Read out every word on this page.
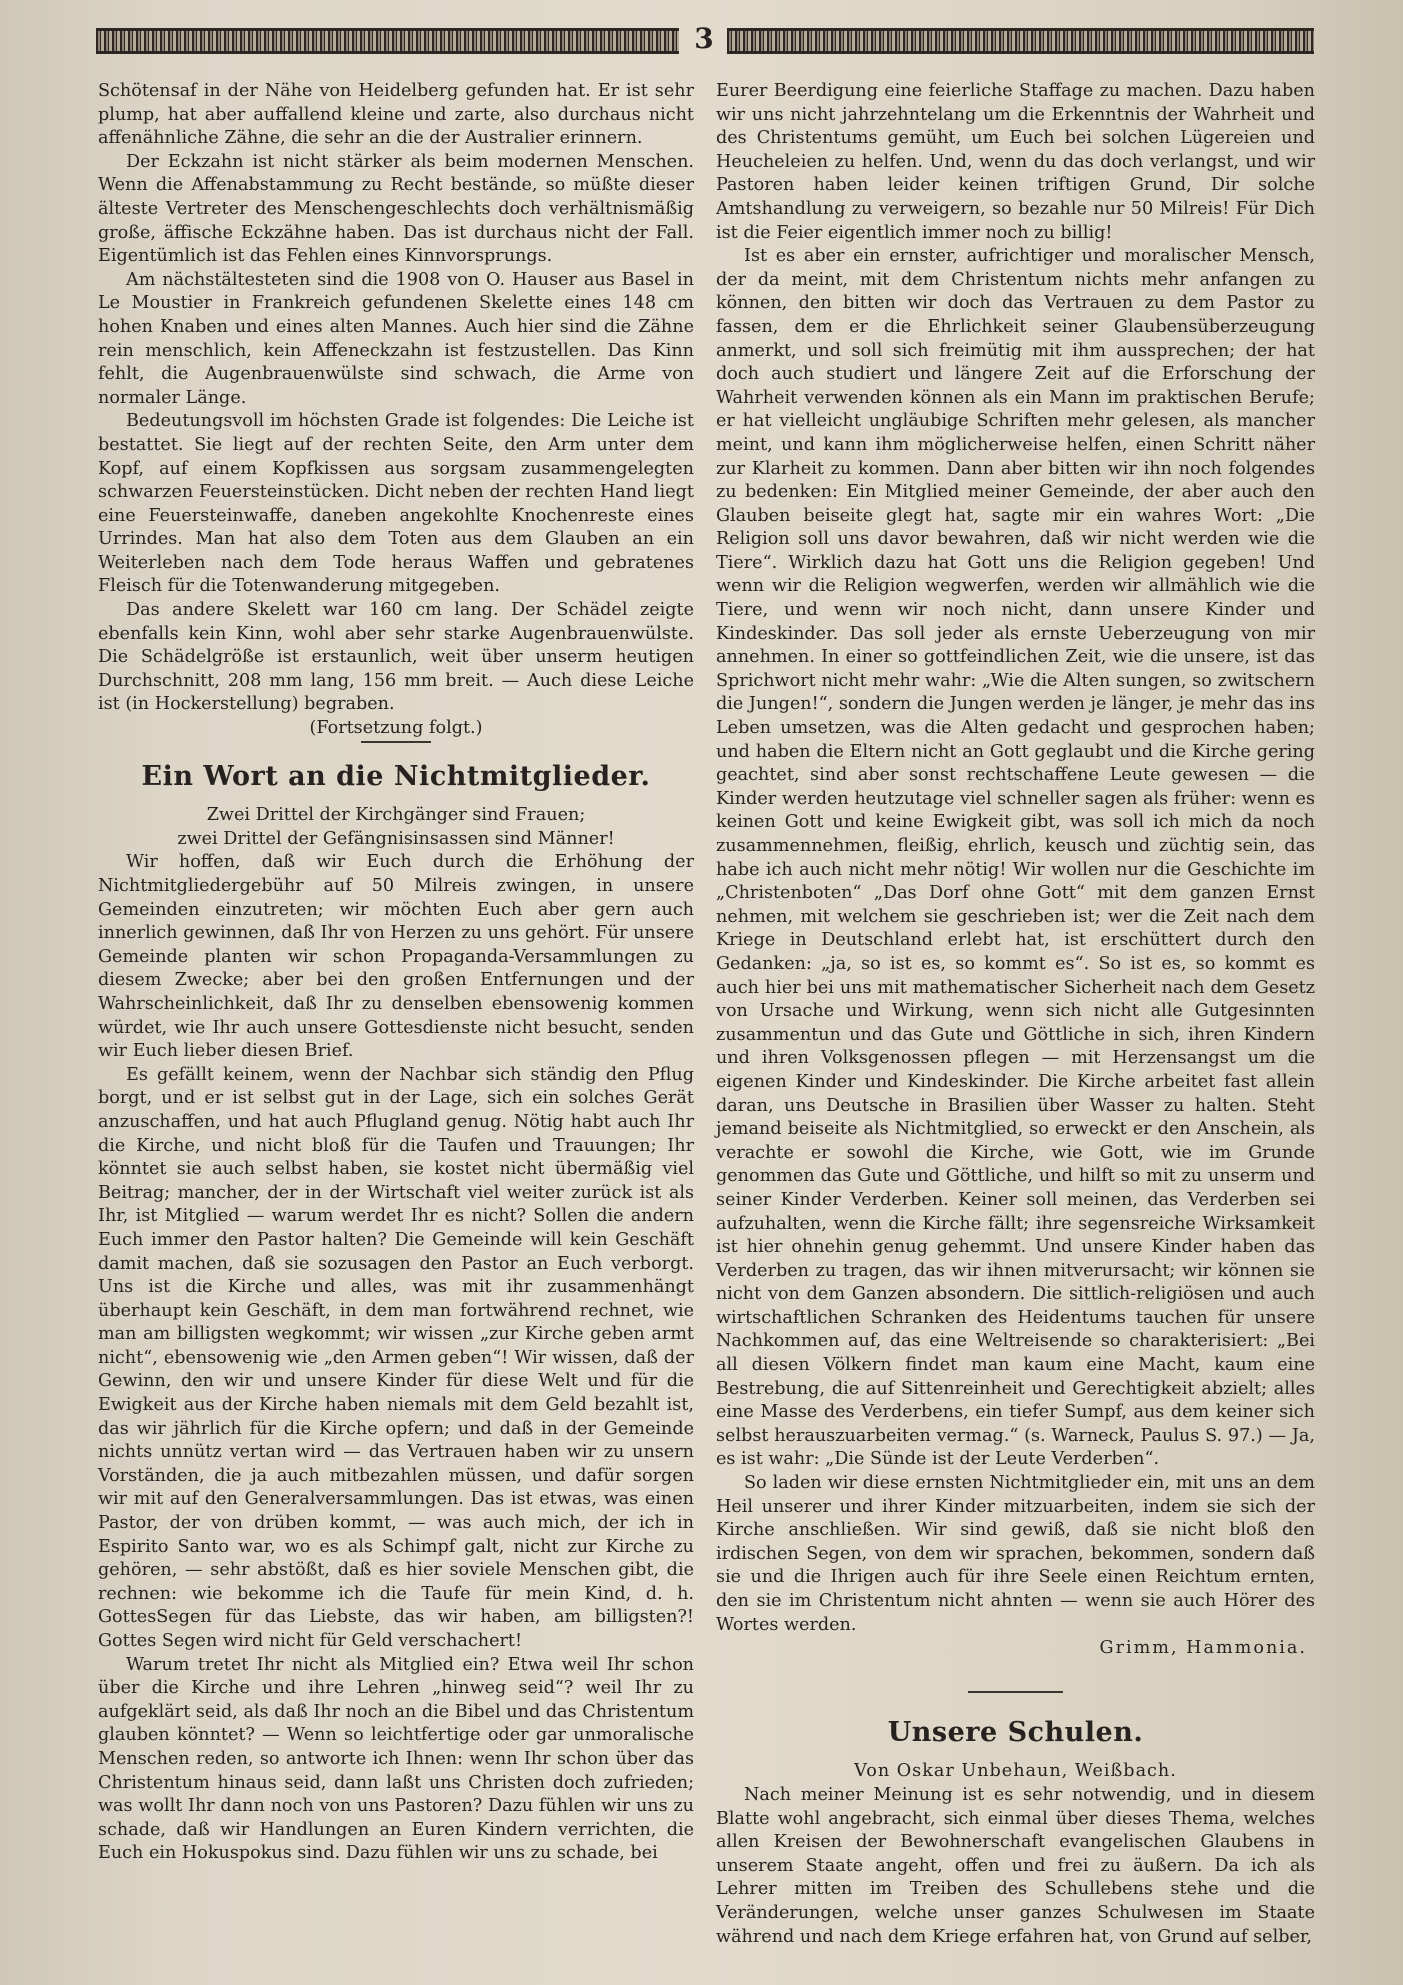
3

Schötensaf in der Nähe von Heidelberg gefunden hat. Er ist sehr plump, hat aber auffallend kleine und zarte, also durchaus nicht affenähnliche Zähne, die sehr an die der Australier erinnern.

Der Eckzahn ist nicht stärker als beim modernen Menschen. Wenn die Affenabstammung zu Recht bestände, so müßte dieser älteste Vertreter des Menschengeschlechts doch verhältnismäßig große, äffische Eckzähne haben. Das ist durchaus nicht der Fall. Eigentümlich ist das Fehlen eines Kinnvorsprungs.

Am nächstältesteten sind die 1908 von O. Hauser aus Basel in Le Moustier in Frankreich gefundenen Skelette eines 148 cm hohen Knaben und eines alten Mannes. Auch hier sind die Zähne rein menschlich, kein Affeneckzahn ist festzustellen. Das Kinn fehlt, die Augenbrauenwülste sind schwach, die Arme von normaler Länge.

Bedeutungsvoll im höchsten Grade ist folgendes: Die Leiche ist bestattet. Sie liegt auf der rechten Seite, den Arm unter dem Kopf, auf einem Kopfkissen aus sorgsam zusammengelegten schwarzen Feuersteinstücken. Dicht neben der rechten Hand liegt eine Feuersteinwaffe, daneben angekohlte Knochenreste eines Urrindes. Man hat also dem Toten aus dem Glauben an ein Weiterleben nach dem Tode heraus Waffen und gebratenes Fleisch für die Totenwanderung mitgegeben.

Das andere Skelett war 160 cm lang. Der Schädel zeigte ebenfalls kein Kinn, wohl aber sehr starke Augenbrauenwülste. Die Schädelgröße ist erstaunlich, weit über unserm heutigen Durchschnitt, 208 mm lang, 156 mm breit. — Auch diese Leiche ist (in Hockerstellung) begraben.

(Fortsetzung folgt.)

Ein Wort an die Nichtmitglieder.

Zwei Drittel der Kirchgänger sind Frauen;

zwei Drittel der Gefängnisinsassen sind Männer!

Wir hoffen, daß wir Euch durch die Erhöhung der Nichtmitgliedergebühr auf 50 Milreis zwingen, in unsere Gemeinden einzutreten; wir möchten Euch aber gern auch innerlich gewinnen, daß Ihr von Herzen zu uns gehört. Für unsere Gemeinde planten wir schon Propaganda-Versammlungen zu diesem Zwecke; aber bei den großen Entfernungen und der Wahrscheinlichkeit, daß Ihr zu denselben ebensowenig kommen würdet, wie Ihr auch unsere Gottesdienste nicht besucht, senden wir Euch lieber diesen Brief.

Es gefällt keinem, wenn der Nachbar sich ständig den Pflug borgt, und er ist selbst gut in der Lage, sich ein solches Gerät anzuschaffen, und hat auch Pflugland genug. Nötig habt auch Ihr die Kirche, und nicht bloß für die Taufen und Trauungen; Ihr könntet sie auch selbst haben, sie kostet nicht übermäßig viel Beitrag; mancher, der in der Wirtschaft viel weiter zurück ist als Ihr, ist Mitglied — warum werdet Ihr es nicht? Sollen die andern Euch immer den Pastor halten? Die Gemeinde will kein Geschäft damit machen, daß sie sozusagen den Pastor an Euch verborgt. Uns ist die Kirche und alles, was mit ihr zusammenhängt überhaupt kein Geschäft, in dem man fortwährend rechnet, wie man am billigsten wegkommt; wir wissen „zur Kirche geben armt nicht“, ebensowenig wie „den Armen geben“! Wir wissen, daß der Gewinn, den wir und unsere Kinder für diese Welt und für die Ewigkeit aus der Kirche haben niemals mit dem Geld bezahlt ist, das wir jährlich für die Kirche opfern; und daß in der Gemeinde nichts unnütz vertan wird — das Vertrauen haben wir zu unsern Vorständen, die ja auch mitbezahlen müssen, und dafür sorgen wir mit auf den Generalversammlungen. Das ist etwas, was einen Pastor, der von drüben kommt, — was auch mich, der ich in Espirito Santo war, wo es als Schimpf galt, nicht zur Kirche zu gehören, — sehr abstößt, daß es hier soviele Menschen gibt, die rechnen: wie bekomme ich die Taufe für mein Kind, d. h. GottesSegen für das Liebste, das wir haben, am billigsten?! Gottes Segen wird nicht für Geld verschachert!

Warum tretet Ihr nicht als Mitglied ein? Etwa weil Ihr schon über die Kirche und ihre Lehren „hinweg seid“? weil Ihr zu aufgeklärt seid, als daß Ihr noch an die Bibel und das Christentum glauben könntet? — Wenn so leichtfertige oder gar unmoralische Menschen reden, so antworte ich Ihnen: wenn Ihr schon über das Christentum hinaus seid, dann laßt uns Christen doch zufrieden; was wollt Ihr dann noch von uns Pastoren? Dazu fühlen wir uns zu schade, daß wir Handlungen an Euren Kindern verrichten, die Euch ein Hokuspokus sind. Dazu fühlen wir uns zu schade, bei

Eurer Beerdigung eine feierliche Staffage zu machen. Dazu haben wir uns nicht jahrzehntelang um die Erkenntnis der Wahrheit und des Christentums gemüht, um Euch bei solchen Lügereien und Heucheleien zu helfen. Und, wenn du das doch verlangst, und wir Pastoren haben leider keinen triftigen Grund, Dir solche Amtshandlung zu verweigern, so bezahle nur 50 Milreis! Für Dich ist die Feier eigentlich immer noch zu billig!

Ist es aber ein ernster, aufrichtiger und moralischer Mensch, der da meint, mit dem Christentum nichts mehr anfangen zu können, den bitten wir doch das Vertrauen zu dem Pastor zu fassen, dem er die Ehrlichkeit seiner Glaubensüberzeugung anmerkt, und soll sich freimütig mit ihm aussprechen; der hat doch auch studiert und längere Zeit auf die Erforschung der Wahrheit verwenden können als ein Mann im praktischen Berufe; er hat vielleicht ungläubige Schriften mehr gelesen, als mancher meint, und kann ihm möglicherweise helfen, einen Schritt näher zur Klarheit zu kommen. Dann aber bitten wir ihn noch folgendes zu bedenken: Ein Mitglied meiner Gemeinde, der aber auch den Glauben beiseite glegt hat, sagte mir ein wahres Wort: „Die Religion soll uns davor bewahren, daß wir nicht werden wie die Tiere“. Wirklich dazu hat Gott uns die Religion gegeben! Und wenn wir die Religion wegwerfen, werden wir allmählich wie die Tiere, und wenn wir noch nicht, dann unsere Kinder und Kindeskinder. Das soll jeder als ernste Ueberzeugung von mir annehmen. In einer so gottfeindlichen Zeit, wie die unsere, ist das Sprichwort nicht mehr wahr: „Wie die Alten sungen, so zwitschern die Jungen!“, sondern die Jungen werden je länger, je mehr das ins Leben umsetzen, was die Alten gedacht und gesprochen haben; und haben die Eltern nicht an Gott geglaubt und die Kirche gering geachtet, sind aber sonst rechtschaffene Leute gewesen — die Kinder werden heutzutage viel schneller sagen als früher: wenn es keinen Gott und keine Ewigkeit gibt, was soll ich mich da noch zusammennehmen, fleißig, ehrlich, keusch und züchtig sein, das habe ich auch nicht mehr nötig! Wir wollen nur die Geschichte im „Christenboten“ „Das Dorf ohne Gott“ mit dem ganzen Ernst nehmen, mit welchem sie geschrieben ist; wer die Zeit nach dem Kriege in Deutschland erlebt hat, ist erschüttert durch den Gedanken: „ja, so ist es, so kommt es“. So ist es, so kommt es auch hier bei uns mit mathematischer Sicherheit nach dem Gesetz von Ursache und Wirkung, wenn sich nicht alle Gutgesinnten zusammentun und das Gute und Göttliche in sich, ihren Kindern und ihren Volksgenossen pflegen — mit Herzensangst um die eigenen Kinder und Kindeskinder. Die Kirche arbeitet fast allein daran, uns Deutsche in Brasilien über Wasser zu halten. Steht jemand beiseite als Nichtmitglied, so erweckt er den Anschein, als verachte er sowohl die Kirche, wie Gott, wie im Grunde genommen das Gute und Göttliche, und hilft so mit zu unserm und seiner Kinder Verderben. Keiner soll meinen, das Verderben sei aufzuhalten, wenn die Kirche fällt; ihre segensreiche Wirksamkeit ist hier ohnehin genug gehemmt. Und unsere Kinder haben das Verderben zu tragen, das wir ihnen mitverursacht; wir können sie nicht von dem Ganzen absondern. Die sittlich-religiösen und auch wirtschaftlichen Schranken des Heidentums tauchen für unsere Nachkommen auf, das eine Weltreisende so charakterisiert: „Bei all diesen Völkern findet man kaum eine Macht, kaum eine Bestrebung, die auf Sittenreinheit und Gerechtigkeit abzielt; alles eine Masse des Verderbens, ein tiefer Sumpf, aus dem keiner sich selbst herauszuarbeiten vermag.“ (s. Warneck, Paulus S. 97.) — Ja, es ist wahr: „Die Sünde ist der Leute Verderben“.

So laden wir diese ernsten Nichtmitglieder ein, mit uns an dem Heil unserer und ihrer Kinder mitzuarbeiten, indem sie sich der Kirche anschließen. Wir sind gewiß, daß sie nicht bloß den irdischen Segen, von dem wir sprachen, bekommen, sondern daß sie und die Ihrigen auch für ihre Seele einen Reichtum ernten, den sie im Christentum nicht ahnten — wenn sie auch Hörer des Wortes werden.

Grimm, Hammonia.

Unsere Schulen.

Von Oskar Unbehaun, Weißbach.

Nach meiner Meinung ist es sehr notwendig, und in diesem Blatte wohl angebracht, sich einmal über dieses Thema, welches allen Kreisen der Bewohnerschaft evangelischen Glaubens in unserem Staate angeht, offen und frei zu äußern. Da ich als Lehrer mitten im Treiben des Schullebens stehe und die Veränderungen, welche unser ganzes Schulwesen im Staate während und nach dem Kriege erfahren hat, von Grund auf selber,
